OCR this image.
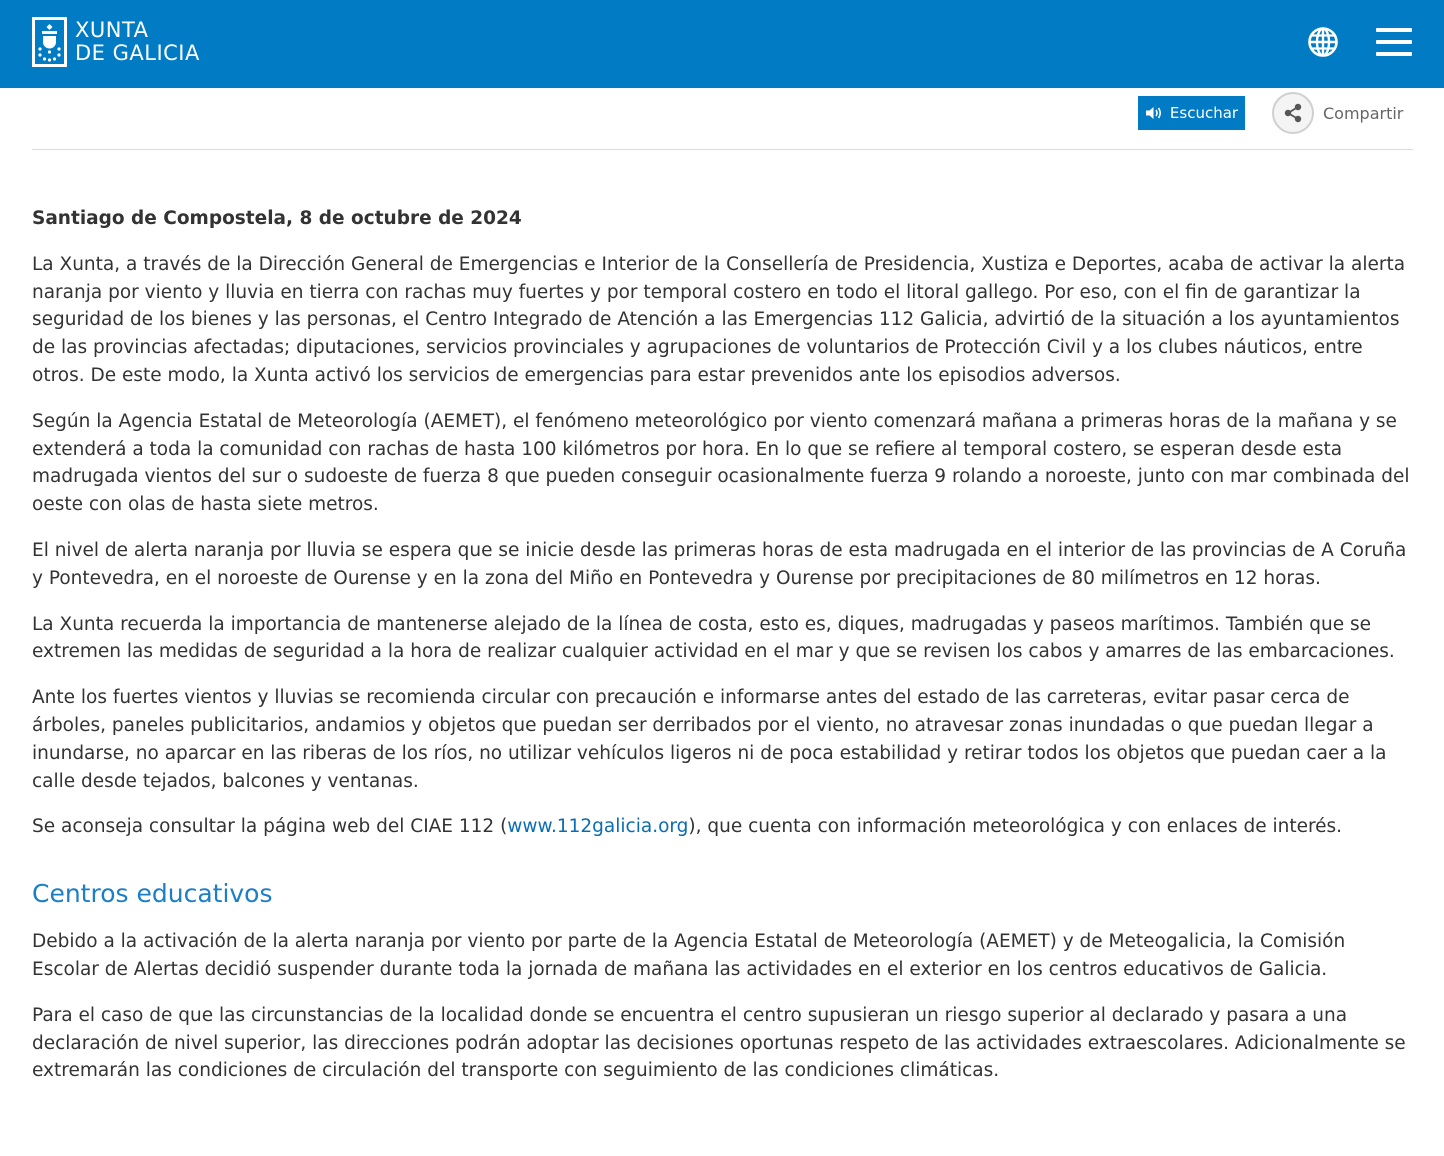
XUNTA
DE GALICIA
Escuchar	Compartir

Santiago de Compostela, 8 de octubre de 2024

La Xunta, a través de la Dirección General de Emergencias e Interior de la Consellería de Presidencia, Xustiza e Deportes, acaba de activar la alerta naranja por viento y lluvia en tierra con rachas muy fuertes y por temporal costero en todo el litoral gallego. Por eso, con el fin de garantizar la seguridad de los bienes y las personas, el Centro Integrado de Atención a las Emergencias 112 Galicia, advirtió de la situación a los ayuntamientos de las provincias afectadas; diputaciones, servicios provinciales y agrupaciones de voluntarios de Protección Civil y a los clubes náuticos, entre otros. De este modo, la Xunta activó los servicios de emergencias para estar prevenidos ante los episodios adversos.

Según la Agencia Estatal de Meteorología (AEMET), el fenómeno meteorológico por viento comenzará mañana a primeras horas de la mañana y se extenderá a toda la comunidad con rachas de hasta 100 kilómetros por hora. En lo que se refiere al temporal costero, se esperan desde esta madrugada vientos del sur o sudoeste de fuerza 8 que pueden conseguir ocasionalmente fuerza 9 rolando a noroeste, junto con mar combinada del oeste con olas de hasta siete metros.

El nivel de alerta naranja por lluvia se espera que se inicie desde las primeras horas de esta madrugada en el interior de las provincias de A Coruña y Pontevedra, en el noroeste de Ourense y en la zona del Miño en Pontevedra y Ourense por precipitaciones de 80 milímetros en 12 horas.

La Xunta recuerda la importancia de mantenerse alejado de la línea de costa, esto es, diques, madrugadas y paseos marítimos. También que se extremen las medidas de seguridad a la hora de realizar cualquier actividad en el mar y que se revisen los cabos y amarres de las embarcaciones.

Ante los fuertes vientos y lluvias se recomienda circular con precaución e informarse antes del estado de las carreteras, evitar pasar cerca de árboles, paneles publicitarios, andamios y objetos que puedan ser derribados por el viento, no atravesar zonas inundadas o que puedan llegar a inundarse, no aparcar en las riberas de los ríos, no utilizar vehículos ligeros ni de poca estabilidad y retirar todos los objetos que puedan caer a la calle desde tejados, balcones y ventanas.

Se aconseja consultar la página web del CIAE 112 (www.112galicia.org), que cuenta con información meteorológica y con enlaces de interés.

Centros educativos

Debido a la activación de la alerta naranja por viento por parte de la Agencia Estatal de Meteorología (AEMET) y de Meteogalicia, la Comisión Escolar de Alertas decidió suspender durante toda la jornada de mañana las actividades en el exterior en los centros educativos de Galicia.

Para el caso de que las circunstancias de la localidad donde se encuentra el centro supusieran un riesgo superior al declarado y pasara a una declaración de nivel superior, las direcciones podrán adoptar las decisiones oportunas respeto de las actividades extraescolares. Adicionalmente se extremarán las condiciones de circulación del transporte con seguimiento de las condiciones climáticas.
